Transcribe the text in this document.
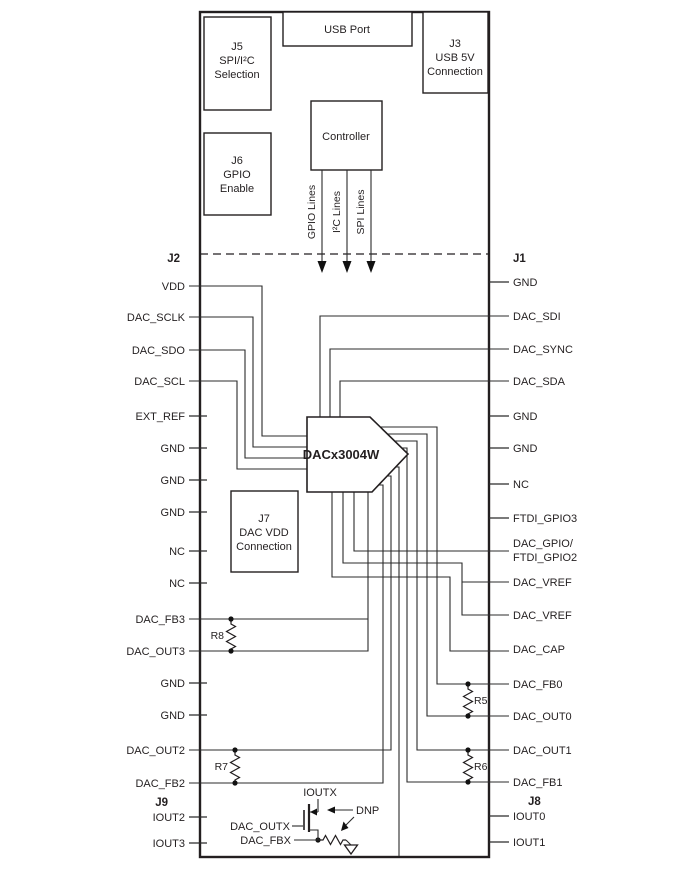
USB Port
J3
USB 5V
Connection
J5
SPI/I²C
Selection
J6
GPIO
Enable
Controller
GPIO Lines I²C Lines SPI Lines
DACx3004W
J7
DAC VDD
Connection
J2	J1
J9	J8
VDD
DAC_SCLK
DAC_SDO
DAC_SCL
EXT_REF
GND
GND
GND
NC
NC
DAC_FB3
DAC_OUT3
GND
GND
DAC_OUT2
DAC_FB2
IOUT2
IOUT3
GND
DAC_SDI
DAC_SYNC
DAC_SDA
GND
GND
NC
FTDI_GPIO3
DAC_GPIO/
FTDI_GPIO2
DAC_VREF
DAC_VREF
DAC_CAP
DAC_FB0
DAC_OUT0
DAC_OUT1
DAC_FB1
IOUT0
IOUT1
R8
R7
R5
R6
IOUTX
DAC_OUTX
DAC_FBX
DNP
